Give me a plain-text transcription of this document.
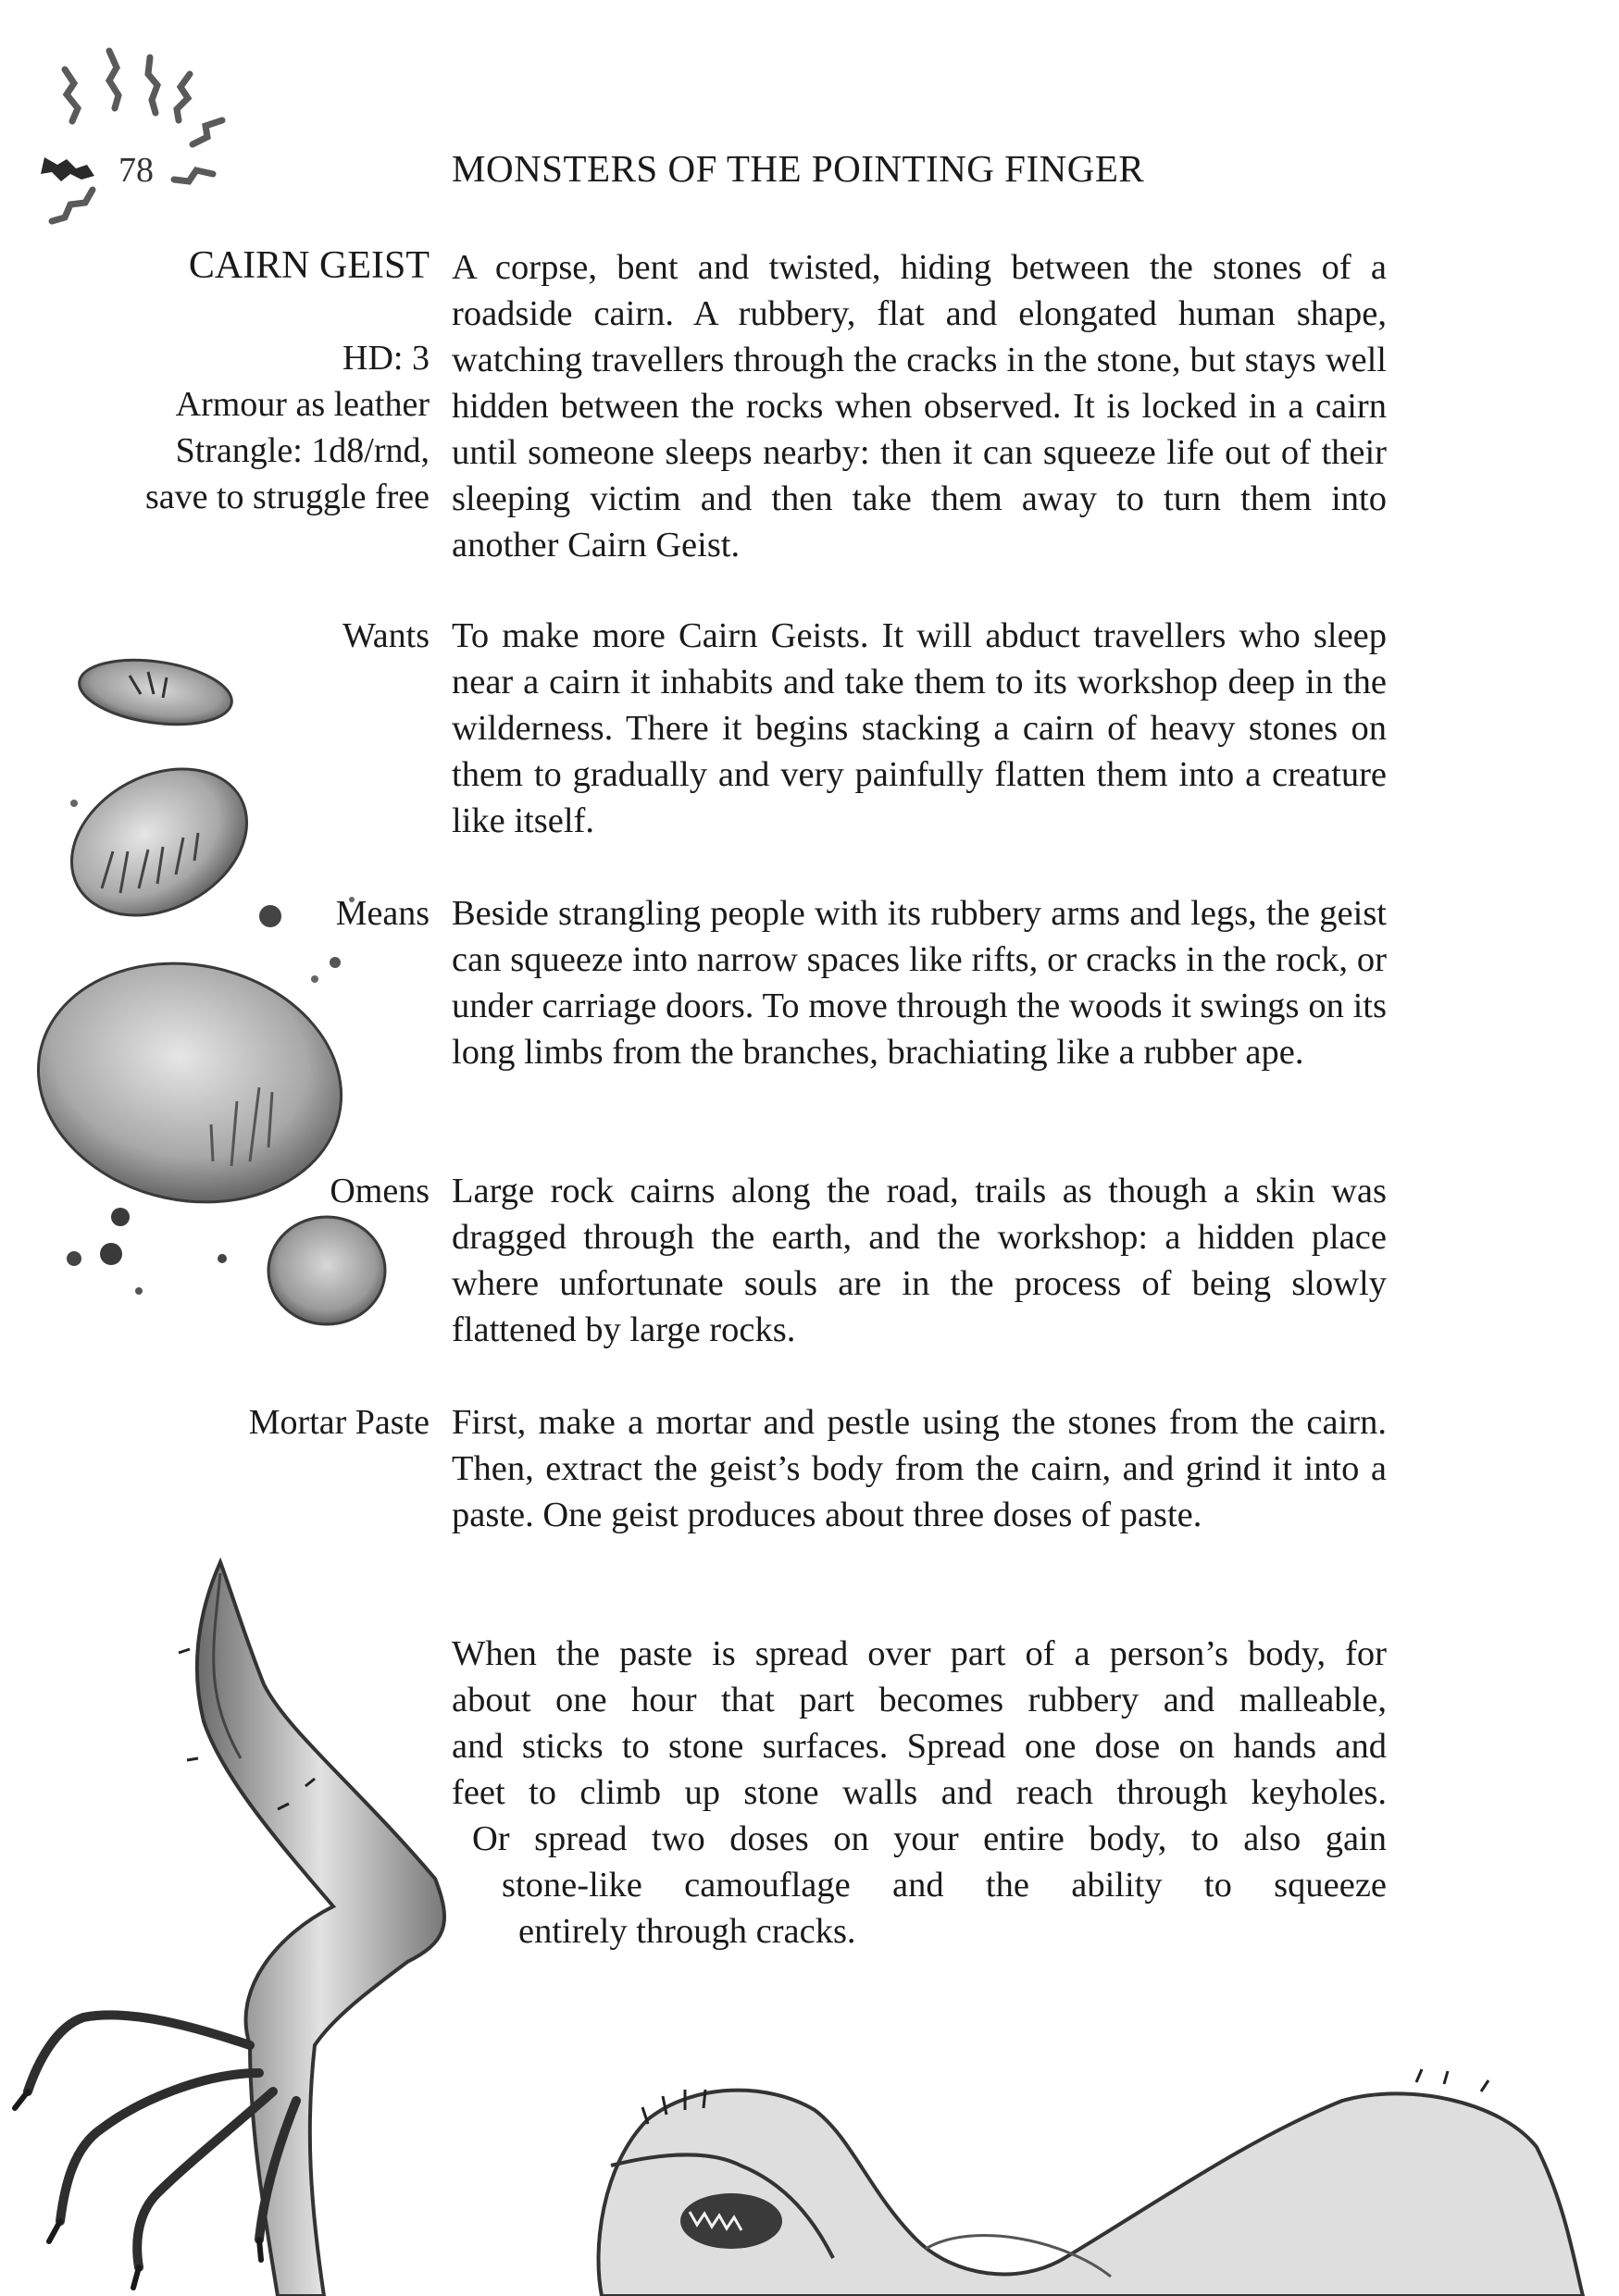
78	MONSTERS OF THE POINTING FINGER
CAIRN GEIST
HD: 3
Armour as leather
Strangle: 1d8/rnd,
save to struggle free
A corpse, bent and twisted, hiding between the stones of a roadside cairn. A rubbery, flat and elongated human shape, watching travellers through the cracks in the stone, but stays well hidden between the rocks when observed. It is locked in a cairn until someone sleeps nearby: then it can squeeze life out of their sleeping victim and then take them away to turn them into another Cairn Geist.
Wants To make more Cairn Geists. It will abduct travellers who sleep near a cairn it inhabits and take them to its workshop deep in the wilderness. There it begins stacking a cairn of heavy stones on them to gradually and very painfully flatten them into a creature like itself.
Means Beside strangling people with its rubbery arms and legs, the geist can squeeze into narrow spaces like rifts, or cracks in the rock, or under carriage doors. To move through the woods it swings on its long limbs from the branches, brachiating like a rubber ape.
Omens Large rock cairns along the road, trails as though a skin was dragged through the earth, and the workshop: a hidden place where unfortunate souls are in the process of being slowly flattened by large rocks.
Mortar Paste First, make a mortar and pestle using the stones from the cairn. Then, extract the geist’s body from the cairn, and grind it into a paste. One geist produces about three doses of paste.
When the paste is spread over part of a person’s body, for
about one hour that part becomes rubbery and malleable,
and sticks to stone surfaces. Spread one dose on hands and
feet to climb up stone walls and reach through keyholes.
Or spread two doses on your entire body, to also gain
stone-like camouflage and the ability to squeeze
entirely through cracks.
